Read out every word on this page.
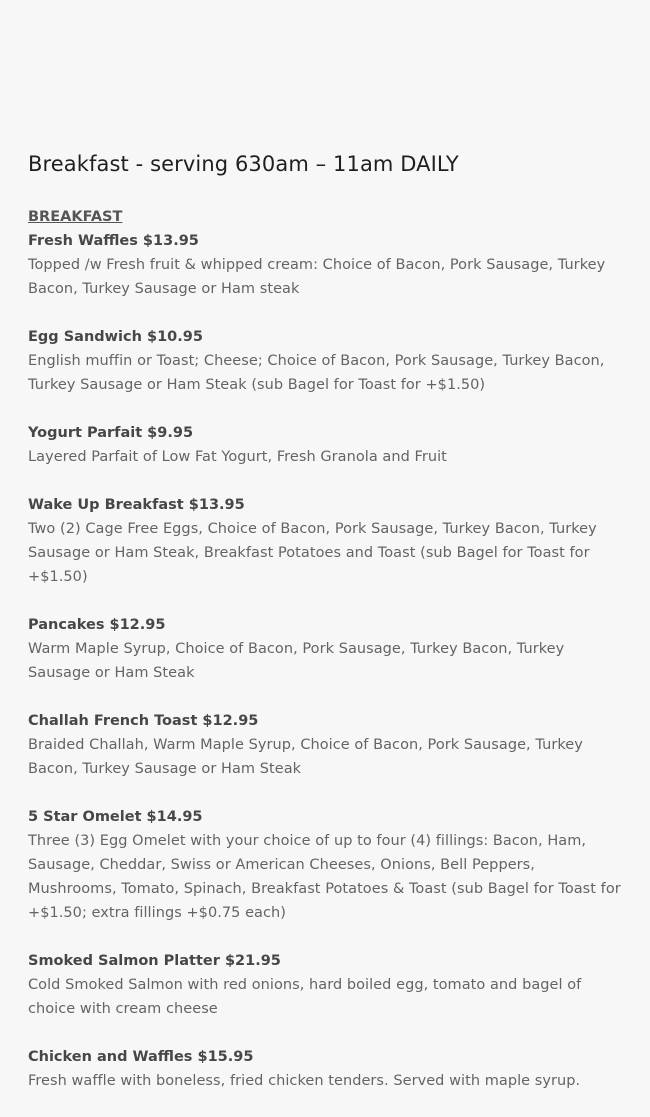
Breakfast - serving 630am – 11am DAILY

BREAKFAST

Fresh Waffles $13.95

Topped /w Fresh fruit & whipped cream: Choice of Bacon, Pork Sausage, Turkey Bacon, Turkey Sausage or Ham steak

Egg Sandwich $10.95

English muffin or Toast; Cheese; Choice of Bacon, Pork Sausage, Turkey Bacon, Turkey Sausage or Ham Steak (sub Bagel for Toast for +$1.50)

Yogurt Parfait $9.95

Layered Parfait of Low Fat Yogurt, Fresh Granola and Fruit

Wake Up Breakfast $13.95

Two (2) Cage Free Eggs, Choice of Bacon, Pork Sausage, Turkey Bacon, Turkey Sausage or Ham Steak, Breakfast Potatoes and Toast (sub Bagel for Toast for +$1.50)

Pancakes $12.95

Warm Maple Syrup, Choice of Bacon, Pork Sausage, Turkey Bacon, Turkey Sausage or Ham Steak

Challah French Toast $12.95

Braided Challah, Warm Maple Syrup, Choice of Bacon, Pork Sausage, Turkey Bacon, Turkey Sausage or Ham Steak

5 Star Omelet $14.95

Three (3) Egg Omelet with your choice of up to four (4) fillings: Bacon, Ham, Sausage, Cheddar, Swiss or American Cheeses, Onions, Bell Peppers, Mushrooms, Tomato, Spinach, Breakfast Potatoes & Toast (sub Bagel for Toast for +$1.50; extra fillings +$0.75 each)

Smoked Salmon Platter $21.95

Cold Smoked Salmon with red onions, hard boiled egg, tomato and bagel of choice with cream cheese

Chicken and Waffles $15.95

Fresh waffle with boneless, fried chicken tenders. Served with maple syrup.
